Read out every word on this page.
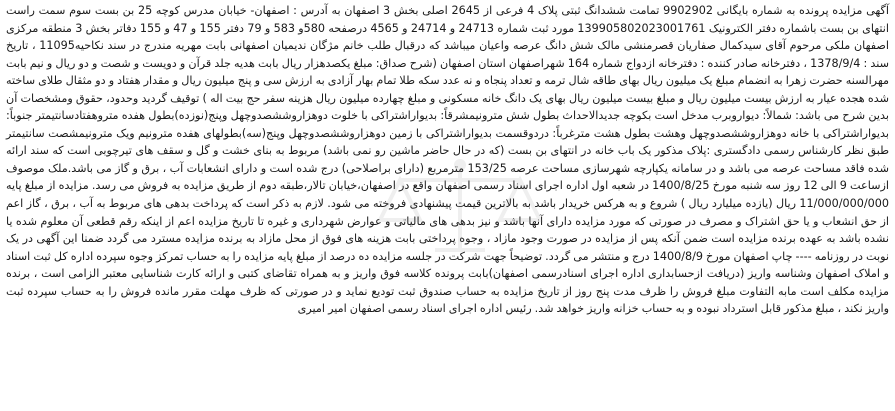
آگهی مزایده پرونده به شماره بایگانی 9902902 تمامت ششدانگ ثبتی پلاک 4 فرعی از 2645 اصلی بخش 3 اصفهان به آدرس : اصفهان- خیابان مدرس کوچه 25 بن بست سوم سمت راست انتهای بن بست باشماره دفتر الکترونیک 139905802023001761 مورد ثبت شماره 24713 و 24714 و 4565 درصفحه 580و 583 و 79 دفتر 155 و 47 و 155 دفاتر بخش 3 منطقه مرکزی اصفهان ملکی مرحوم آقای سیدکمال صفاریان قصرمنشی مالک شش دانگ عرصه واعیان میباشد که درقبال طلب خانم مژگان ندیمیان اصفهانی بابت مهریه مندرج در سند نکاحیه11095 ، تاریخ سند : 1378/9/4 ، دفترخانه صادر کننده : دفترخانه ازدواج شماره 164 شهراصفهان استان اصفهان (شرح صداق: مبلغ یکصدهزار ریال بابت هدیه جلد قرآن و دویست و شصت و دو ریال و نیم بابت مهرالسنه حضرت زهرا به انضمام مبلغ یک میلیون ریال بهای طاقه شال ترمه و تعداد پنجاه و نه عدد سکه طلا تمام بهار آزادی به ارزش سی و پنج میلیون ریال و مقدار هفتاد و دو مثقال طلای ساخته شده هجده عیار به ارزش بیست میلیون ریال و مبلغ بیست میلیون ریال بهای یک دانگ خانه مسکونی و مبلغ چهارده میلیون ریال هزینه سفر حج بیت اله ) توقیف گردید وحدود، حقوق ومشخصات آن بدین شرح می باشد: شمالاً: دیواروبرب مدخل است بکوچه جدیدالاحداث بطول شش مترونیمشرقاً: بدیواراشتراکی با خلوت دوهزاروششصدوچهل وپنج(نوزده)بطول هفده متروهفتادسانتیمتر جنوباً: بدیواراشتراکی با خانه دوهزاروششصدوچهل وهشت بطول هشت مترغرباً: دردوقسمت بدیواراشتراکی با زمین دوهزاروششصدوچهل وپنج(سه)بطولهای هفده مترونیم ویک مترونیمشصت سانتیمتر طبق نظر کارشناس رسمی دادگستری :پلاک مذکور یک باب خانه در انتهای بن بست (که در حال حاضر ماشین رو نمی باشد) مربوط به بنای خشت و گل و سقف های تیرچوبی است که سند ارائه شده فاقد مساحت عرصه می باشد و در سامانه یکپارچه شهرسازی مساحت عرصه 153/25 مترمربع (دارای براصلاحی) درج شده است و دارای انشعابات آب ، برق و گاز می باشد.ملک موصوف ازساعت 9 الی 12 روز سه شنبه مورخ 1400/8/25 در شعبه اول اداره اجرای اسناد رسمی اصفهان واقع در اصفهان،خیابان تالار،طبقه دوم از طریق مزایده به فروش می رسد. مزایده از مبلغ پایه 11/000/000/000 ریال (یازده میلیارد ریال ) شروع و به هرکس خریدار باشد به بالاترین قیمت پیشنهادی فروخته می شود. لازم به ذکر است که پرداخت بدهی های مربوط به آب ، برق ، گاز اعم از حق انشعاب و یا حق اشتراک و مصرف در صورتی که مورد مزایده دارای آنها باشد و نیز بدهی های مالیاتی و عوارض شهرداری و غیره تا تاریخ مزایده اعم از اینکه رقم قطعی آن معلوم شده یا نشده باشد به عهده برنده مزایده است ضمن آنکه پس از مزایده در صورت وجود مازاد ، وجوه پرداختی بابت هزینه های فوق از محل مازاد به برنده مزایده مسترد می گردد ضمنا این آگهی در یک نوبت در روزنامه ---- چاپ اصفهان مورخ 1400/8/9 درج و منتشر می گردد. توضیحاً جهت شرکت در جلسه مزایده ده درصد از مبلغ پایه مزایده را به حساب تمرکز وجوه سپرده اداره کل ثبت اسناد و املاک اصفهان وشناسه واریز (دریافت ازحسابداری اداره اجرای اسنادرسمی اصفهان)بابت پرونده کلاسه فوق واریز و به همراه تقاضای کتبی و ارائه کارت شناسایی معتبر الزامی است ، برنده مزایده مکلف است مابه التفاوت مبلغ فروش را ظرف مدت پنج روز از تاریخ مزایده به حساب صندوق ثبت تودیع نماید و در صورتی که ظرف مهلت مقرر مانده فروش را به حساب سپرده ثبت واریز نکند ، مبلغ مذکور قابل استرداد نبوده و به حساب خزانه واریز خواهد شد. رئیس اداره اجرای اسناد رسمی اصفهان امیر امیری
